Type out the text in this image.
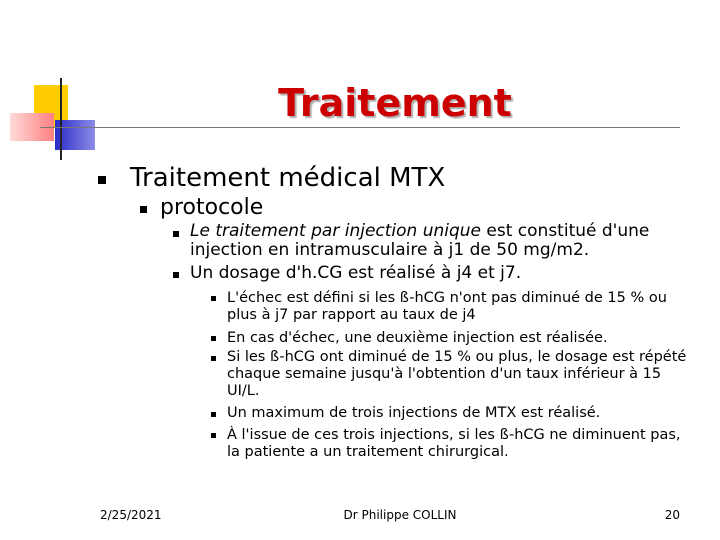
Traitement
Traitement médical MTX
protocole
Le traitement par injection unique est constitué d'une injection en intramusculaire à j1 de 50 mg/m2.
Un dosage d'h.CG est réalisé à j4 et j7.
L'échec est défini si les ß-hCG n'ont pas diminué de 15 % ou plus à j7 par rapport au taux de j4
En cas d'échec, une deuxième injection est réalisée.
Si les ß-hCG ont diminué de 15 % ou plus, le dosage est répété chaque semaine jusqu'à l'obtention d'un taux inférieur à 15 UI/L.
Un maximum de trois injections de MTX est réalisé.
À l'issue de ces trois injections, si les ß-hCG ne diminuent pas, la patiente a un traitement chirurgical.
2/25/2021	Dr Philippe COLLIN	20
